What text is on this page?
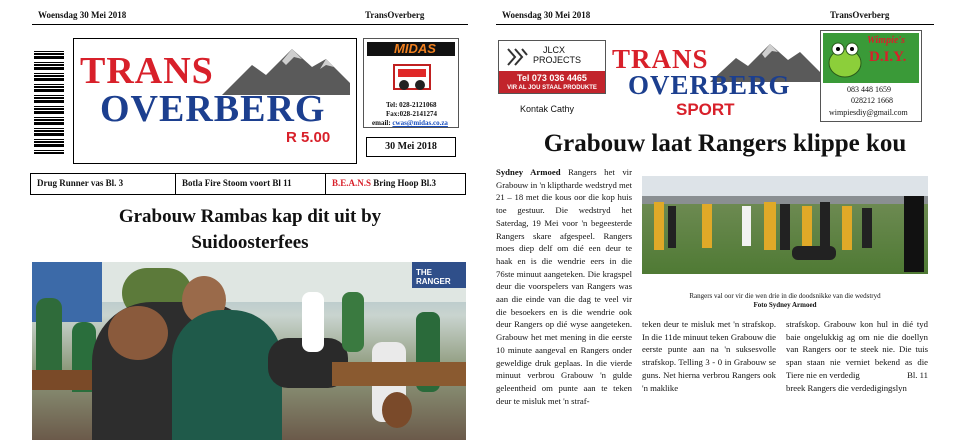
Woensdag 30 Mei 2018	TransOverberg
TRANS
OVERBERG
R 5.00
MIDAS
Tel: 028-2121068
Fax:028-2141274
email: cwas@midas.co.za
30 Mei 2018
Drug Runner vas Bl. 3	Botla Fire Stoom voort Bl 11	B.E.A.N.S Bring Hoop Bl.3
Grabouw Rambas kap dit uit by Suidoosterfees
THE RANGER
Woensdag 30 Mei 2018	TransOverberg
JLCX
PROJECTS
Tel 073 036 4465
VIR AL JOU STAAL PRODUKTE
Kontak Cathy
TRANS
OVERBERG
SPORT
Wimpie's
D.I.Y.
083 448 1659
028212 1668
wimpiesdiy@gmail.com
Grabouw laat Rangers klippe kou
Sydney Armoed Rangers het vir Grabouw in 'n kliptharde wedstryd met 21 – 18 met die kous oor die kop huis toe gestuur. Die wedstryd het Saterdag, 19 Mei voor 'n begeesterde Rangers skare afgespeel. Rangers moes diep delf om dié een deur te haak en is die wendrie eers in die 76ste minuut aangeteken. Die kragspel deur die voorspelers van Rangers was aan die einde van die dag te veel vir die besoekers en is die wendrie ook deur Rangers op dié wyse aangeteken. Grabouw het met mening in die eerste 10 minute aangeval en Rangers onder geweldige druk geplaas. In die vierde minuut verbrou Grabouw 'n gulde geleentheid om punte aan te teken deur te misluk met 'n straf-
Rangers val oor vir die wen drie in die doodsnikke van die wedstryd
Foto Sydney Armoed
teken deur te misluk met 'n strafskop. In die 11de minuut teken Grabouw die eerste punte aan na 'n suksesvolle strafskop. Telling 3 - 0 in Grabouw se guns. Net hierna verbrou Rangers ook 'n maklike
strafskop. Grabouw kon hul in dié tyd baie ongelukkig ag om nie die doellyn van Rangers oor te steek nie. Die tuis span staan nie verniet bekend as die Tiere nie en verdedig	Bl. 11

breek Rangers die verdedigingslyn
